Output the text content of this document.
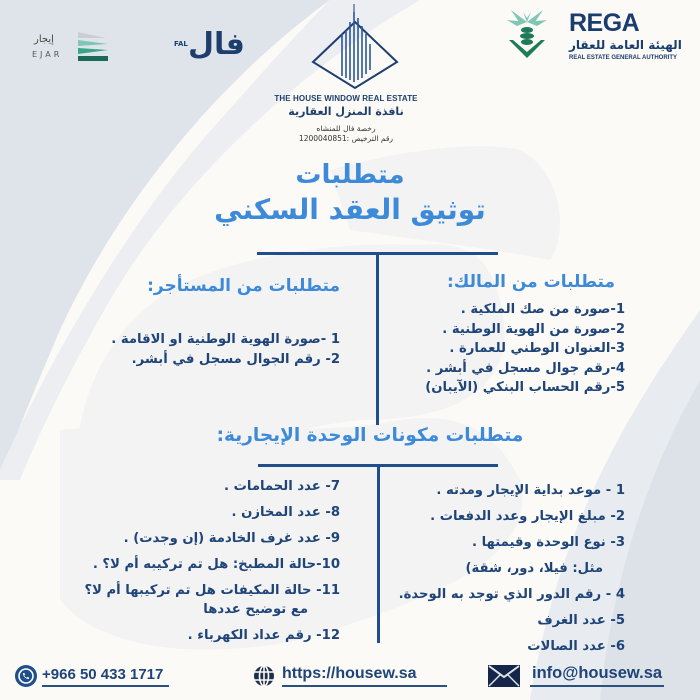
إيجار
EJAR
FAL فال
THE HOUSE WINDOW REAL ESTATE
نافذة المنزل العقارية
رخصة فال للمنشاه
رقم الترخيص :1200040851
REGA
الهيئة العامة للعقار
REAL ESTATE GENERAL AUTHORITY
متطلبات
توثيق العقد السكني
متطلبات من المالك:
1-صورة من صك الملكية .
2-صورة من الهوية الوطنية .
3-العنوان الوطني للعمارة .
4-رقم جوال مسجل في أبشر .
5-رقم الحساب البنكي (الآيبان)
متطلبات من المستأجر:
1 -صورة الهوية الوطنية او الاقامة .
2- رقم الجوال مسجل في أبشر.
متطلبات مكونات الوحدة الإيجارية:
1 - موعد بداية الإيجار ومدته .
2- مبلغ الإيجار وعدد الدفعات .
3- نوع الوحدة وقيمتها .
مثل: فيلا، دور، شقة)
4 - رقم الدور الذي توجد به الوحدة.
5- عدد الغرف
6- عدد الصالات
7- عدد الحمامات .
8- عدد المخازن .
9- عدد غرف الخادمة (إن وجدت) .
10-حالة المطبخ: هل تم تركيبه أم لا؟ .
11- حالة المكيفات هل تم تركيبها أم لا؟
مع توضيح عددها
12- رقم عداد الكهرباء .
+966 50 433 1717	https://housew.sa	info@housew.sa
